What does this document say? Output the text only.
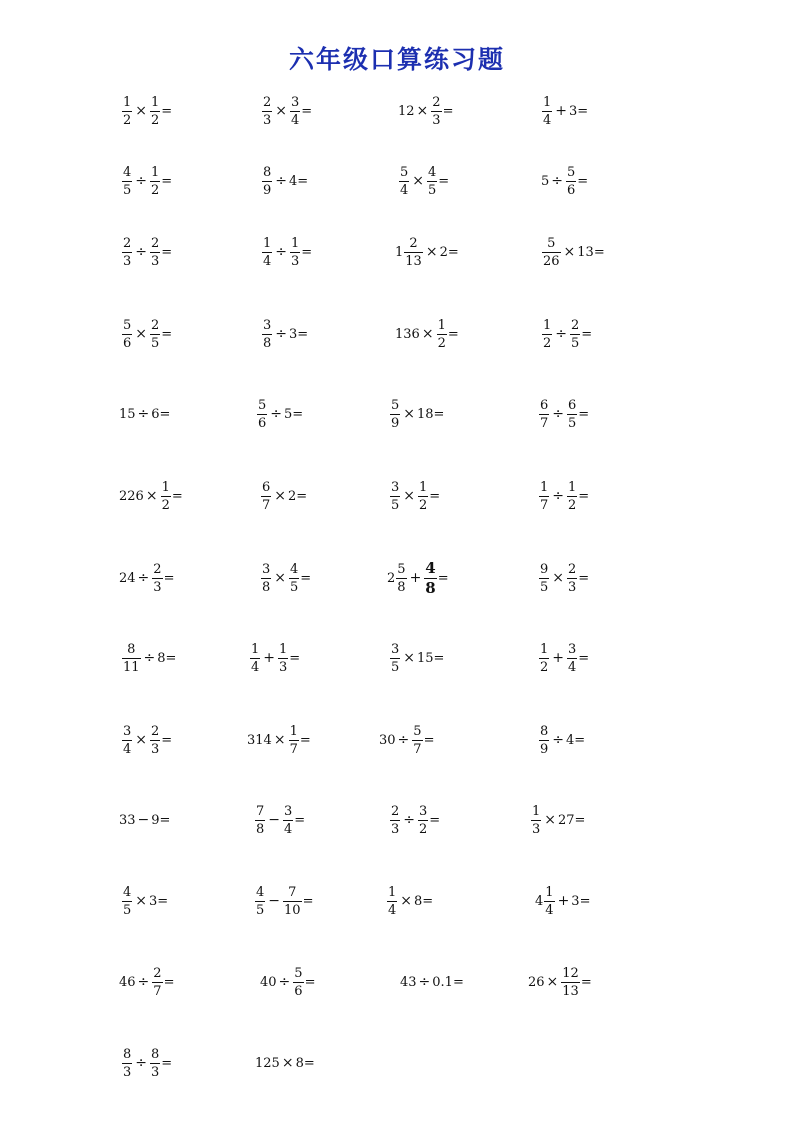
六年级口算练习题
$\frac{1}{2} \times \frac{1}{2}$ =	$\frac{2}{3} \times \frac{3}{4}$ =	$12 \times \frac{2}{3}$ =	$\frac{1}{4} + 3=$
$\frac{4}{5} \div \frac{1}{2}$ =	$\frac{8}{9} \div 4=$	$\frac{5}{4} \times \frac{4}{5}$ =	$5 \div \frac{5}{6}$ =
$\frac{2}{3} \div \frac{2}{3}$ =	$\frac{1}{4} \div \frac{1}{3}$ =	$1 \frac{2}{13} \times 2=$	$\frac{5}{26} \times 13=$
$\frac{5}{6} \times \frac{2}{5}$ =	$\frac{3}{8} \div 3=$	$136 \times \frac{1}{2}$ =	$\frac{1}{2} \div \frac{2}{5}$ =
15 ÷ 6=	$\frac{5}{6} \div 5=$	$\frac{5}{9} \times 18=$	$\frac{6}{7} \div \frac{6}{5}$ =
$226 \times \frac{1}{2}$ =	$\frac{6}{7} \times 2=$	$\frac{3}{5} \times \frac{1}{2}$ =	$\frac{1}{7} \div \frac{1}{2}$ =
$24 \div \frac{2}{3}$ =	$\frac{3}{8} \times \frac{4}{5}$ =	$2 \frac{5}{8} + \frac{4}{8}$ =	$\frac{9}{5} \times \frac{2}{3}$ =
$\frac{8}{11} \div 8=$	$\frac{1}{4} + \frac{1}{3}$ =	$\frac{3}{5} \times 15=$	$\frac{1}{2} + \frac{3}{4}$ =
$\frac{3}{4} \times \frac{2}{3}$ =	$314 \times \frac{1}{7}$ =	$30 \div \frac{5}{7}$ =	$\frac{8}{9} \div 4=$
33 − 9=	$\frac{7}{8} - \frac{3}{4}$ =	$\frac{2}{3} \div \frac{3}{2}$ =	$\frac{1}{3} \times 27=$
$\frac{4}{5} \times 3=$	$\frac{4}{5} - \frac{7}{10}$ =	$\frac{1}{4} \times 8=$	$4 \frac{1}{4} + 3=$
$46 \div \frac{2}{7}$ =	$40 \div \frac{5}{6}$ =	43 ÷ 0.1=	$26 \times \frac{12}{13}$ =
$\frac{8}{3} \div \frac{8}{3}$ =	125 × 8=
